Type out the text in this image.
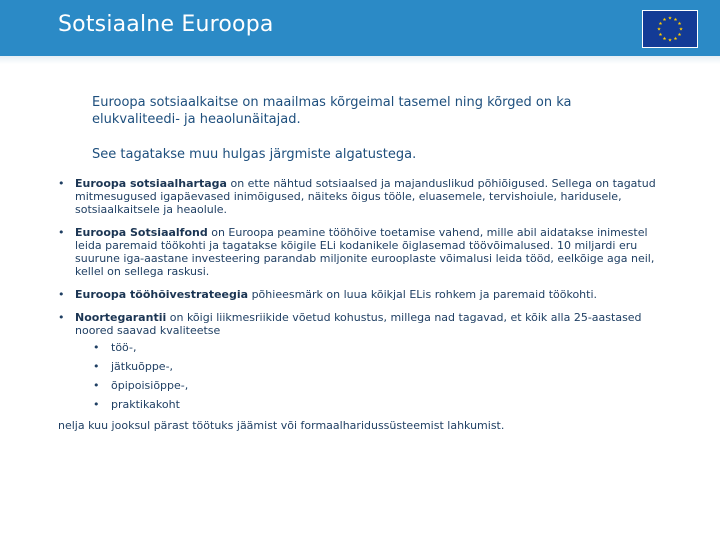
Sotsiaalne Euroopa

Euroopa sotsiaalkaitse on maailmas kõrgeimal tasemel ning kõrged on ka elukvaliteedi- ja heaolunäitajad.

See tagatakse muu hulgas järgmiste algatustega.

• Euroopa sotsiaalhartaga on ette nähtud sotsiaalsed ja majanduslikud põhiõigused. Sellega on tagatud mitmesugused igapäevased inimõigused, näiteks õigus tööle, eluasemele, tervishoiule, haridusele, sotsiaalkaitsele ja heaolule.
• Euroopa Sotsiaalfond on Euroopa peamine tööhõive toetamise vahend, mille abil aidatakse inimestel leida paremaid töökohti ja tagatakse kõigile ELi kodanikele õiglasemad töövõimalused. 10 miljardi eru suurune iga-aastane investeering parandab miljonite eurooplaste võimalusi leida tööd, eelkõige aga neil, kellel on sellega raskusi.
• Euroopa tööhõivestrateegia põhieesmärk on luua kõikjal ELis rohkem ja paremaid töökohti.
• Noortegarantii on kõigi liikmesriikide võetud kohustus, millega nad tagavad, et kõik alla 25-aastased noored saavad kvaliteetse
• töö-,
• jätkuõppe-,
• õpipoisiõppe-,
• praktikakoht
nelja kuu jooksul pärast töötuks jäämist või formaalharidussüsteemist lahkumist.
